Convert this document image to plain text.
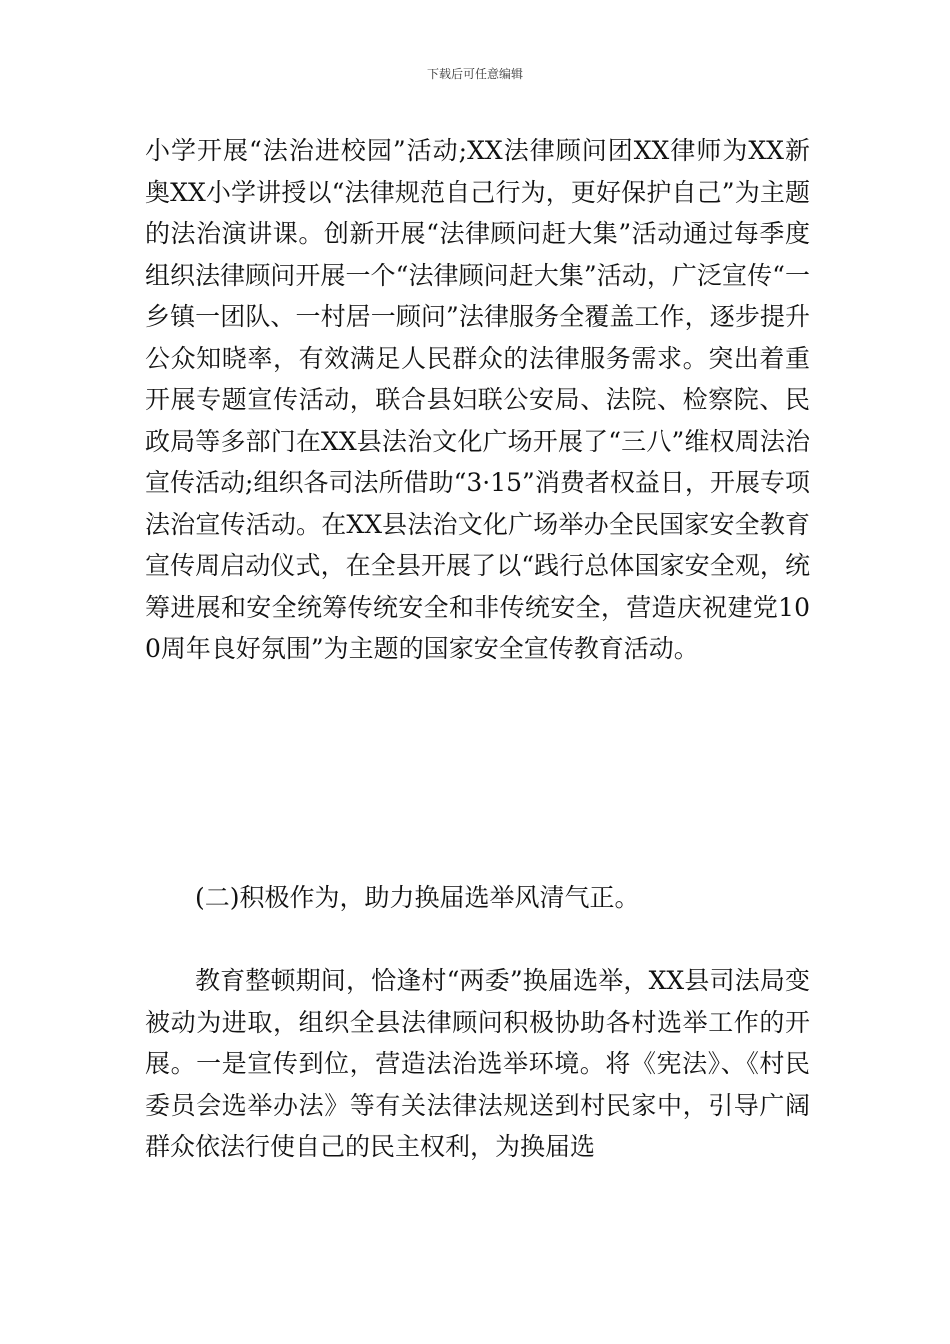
下载后可任意编辑

小学开展“法治进校园”活动;XX法律顾问团XX律师为XX新奥XX小学讲授以“法律规范自己行为，更好保护自己”为主题的法治演讲课。创新开展“法律顾问赶大集”活动通过每季度组织法律顾问开展一个“法律顾问赶大集”活动，广泛宣传“一乡镇一团队、一村居一顾问”法律服务全覆盖工作，逐步提升公众知晓率，有效满足人民群众的法律服务需求。突出着重开展专题宣传活动，联合县妇联公安局、法院、检察院、民政局等多部门在XX县法治文化广场开展了“三八”维权周法治宣传活动;组织各司法所借助“3·15”消费者权益日，开展专项法治宣传活动。在XX县法治文化广场举办全民国家安全教育宣传周启动仪式，在全县开展了以“践行总体国家安全观，统筹进展和安全统筹传统安全和非传统安全，营造庆祝建党100周年良好氛围”为主题的国家安全宣传教育活动。

(二)积极作为，助力换届选举风清气正。

教育整顿期间，恰逢村“两委”换届选举，XX县司法局变被动为进取，组织全县法律顾问积极协助各村选举工作的开展。一是宣传到位，营造法治选举环境。将《宪法》、《村民委员会选举办法》等有关法律法规送到村民家中，引导广阔群众依法行使自己的民主权利，为换届选
